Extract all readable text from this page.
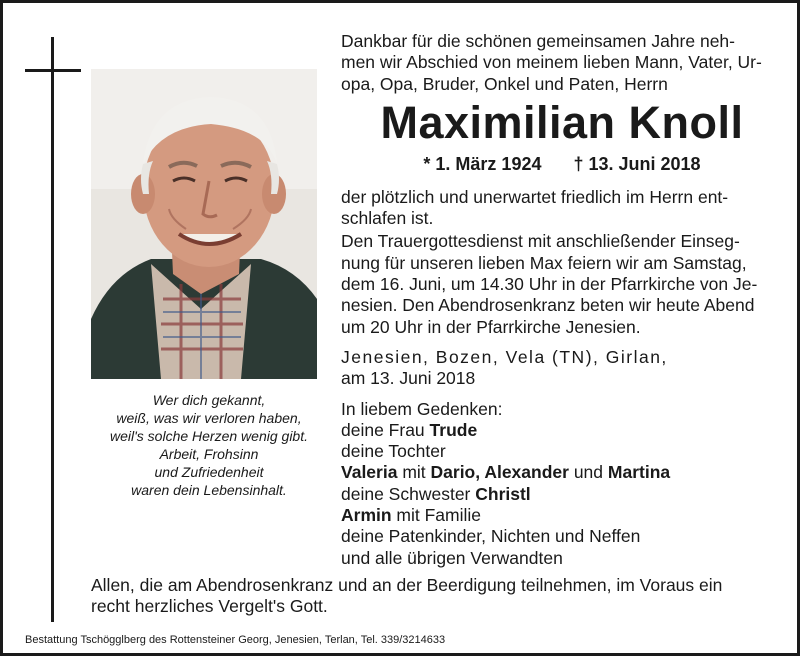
Wer dich gekannt,
weiß, was wir verloren haben,
weil's solche Herzen wenig gibt.
Arbeit, Frohsinn
und Zufriedenheit
waren dein Lebensinhalt.
Dankbar für die schönen gemeinsamen Jahre neh-
men wir Abschied von meinem lieben Mann, Vater, Ur-
opa, Opa, Bruder, Onkel und Paten, Herrn
Maximilian Knoll
* 1. März 1924 † 13. Juni 2018
der plötzlich und unerwartet friedlich im Herrn ent-
schlafen ist.
Den Trauergottesdienst mit anschließender Einseg-
nung für unseren lieben Max feiern wir am Samstag,
dem 16. Juni, um 14.30 Uhr in der Pfarrkirche von Je-
nesien. Den Abendrosenkranz beten wir heute Abend
um 20 Uhr in der Pfarrkirche Jenesien.
Jenesien, Bozen, Vela (TN), Girlan,
am 13. Juni 2018
In liebem Gedenken:
deine Frau Trude
deine Tochter
Valeria mit Dario, Alexander und Martina
deine Schwester Christl
Armin mit Familie
deine Patenkinder, Nichten und Neffen
und alle übrigen Verwandten
Allen, die am Abendrosenkranz und an der Beerdigung teilnehmen, im Voraus ein
recht herzliches Vergelt's Gott.
Bestattung Tschögglberg des Rottensteiner Georg, Jenesien, Terlan, Tel. 339/3214633
